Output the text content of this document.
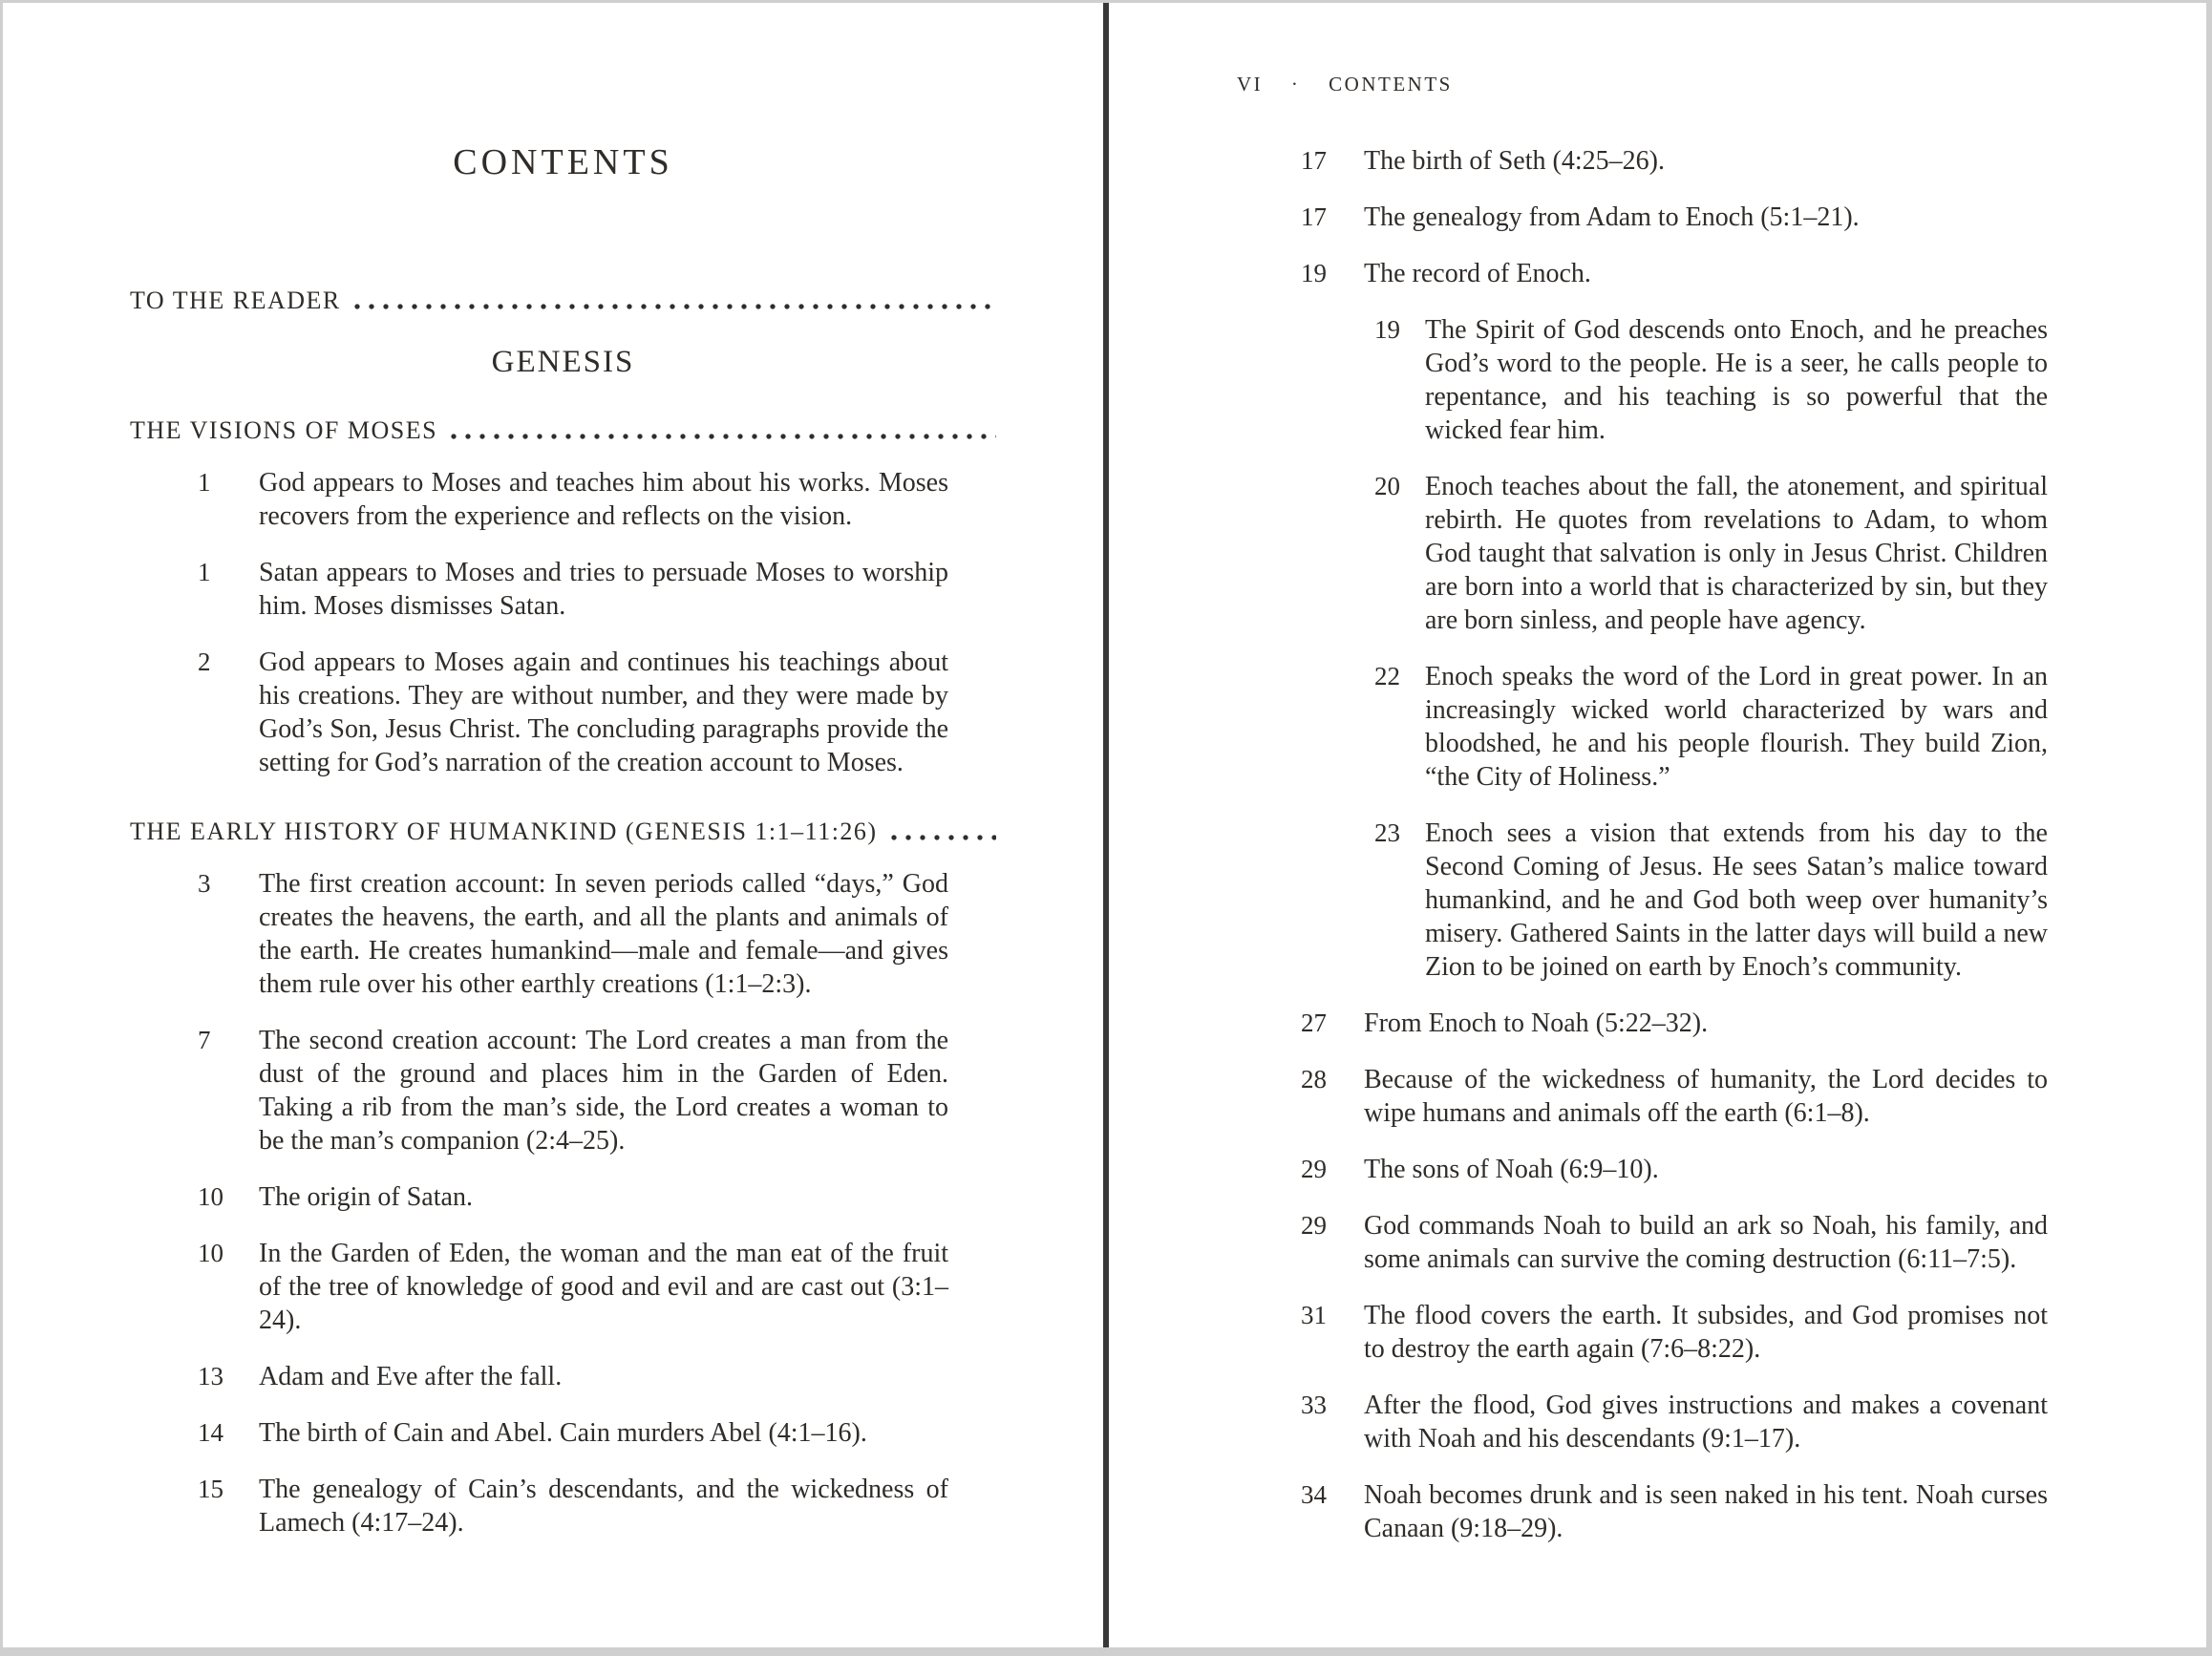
CONTENTS
TO THE READER
GENESIS
THE VISIONS OF MOSES
1	God appears to Moses and teaches him about his works. Moses recovers from the experience and reflects on the vision.

1	Satan appears to Moses and tries to persuade Moses to worship him. Moses dismisses Satan.

2	God appears to Moses again and continues his teachings about his creations. They are without number, and they were made by God’s Son, Jesus Christ. The concluding paragraphs provide the setting for God’s narration of the creation account to Moses.

THE EARLY HISTORY OF HUMANKIND (GENESIS 1:1–11:26)
3	The first creation account: In seven periods called “days,” God creates the heavens, the earth, and all the plants and animals of the earth. He creates humankind—male and female—and gives them rule over his other earthly creations (1:1–2:3).

7	The second creation account: The Lord creates a man from the dust of the ground and places him in the Garden of Eden. Taking a rib from the man’s side, the Lord creates a woman to be the man’s companion (2:4–25).

10	The origin of Satan.

10	In the Garden of Eden, the woman and the man eat of the fruit of the tree of knowledge of good and evil and are cast out (3:1–24).

13	Adam and Eve after the fall.

14	The birth of Cain and Abel. Cain murders Abel (4:1–16).

15	The genealogy of Cain’s descendants, and the wickedness of Lamech (4:17–24).

VI · CONTENTS
17	The birth of Seth (4:25–26).

17	The genealogy from Adam to Enoch (5:1–21).

19	The record of Enoch.

19 The Spirit of God descends onto Enoch, and he preaches God’s word to the people. He is a seer, he calls people to repentance, and his teaching is so powerful that the wicked fear him.

20 Enoch teaches about the fall, the atonement, and spiritual rebirth. He quotes from revelations to Adam, to whom God taught that salvation is only in Jesus Christ. Children are born into a world that is characterized by sin, but they are born sinless, and people have agency.

22 Enoch speaks the word of the Lord in great power. In an increasingly wicked world characterized by wars and bloodshed, he and his people flourish. They build Zion, “the City of Holiness.”

23 Enoch sees a vision that extends from his day to the Second Coming of Jesus. He sees Satan’s malice toward humankind, and he and God both weep over humanity’s misery. Gathered Saints in the latter days will build a new Zion to be joined on earth by Enoch’s community.

27	From Enoch to Noah (5:22–32).

28	Because of the wickedness of humanity, the Lord decides to wipe humans and animals off the earth (6:1–8).

29	The sons of Noah (6:9–10).

29	God commands Noah to build an ark so Noah, his family, and some animals can survive the coming destruction (6:11–7:5).

31	The flood covers the earth. It subsides, and God promises not to destroy the earth again (7:6–8:22).

33	After the flood, God gives instructions and makes a covenant with Noah and his descendants (9:1–17).

34	Noah becomes drunk and is seen naked in his tent. Noah curses Canaan (9:18–29).
